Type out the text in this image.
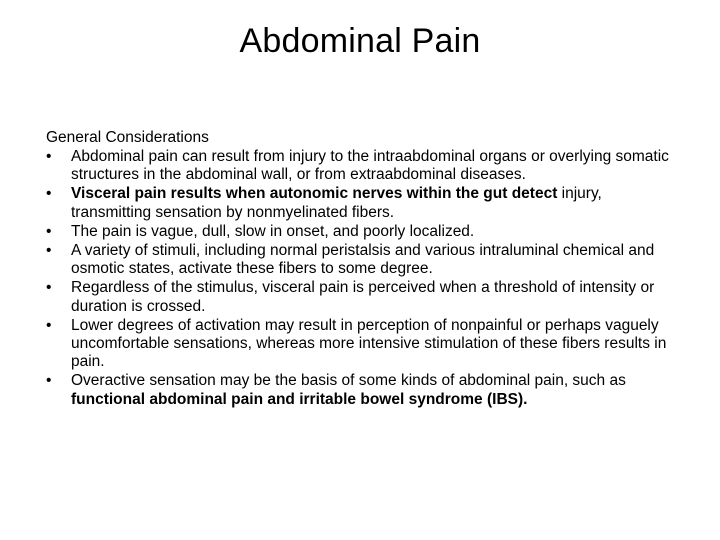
Abdominal Pain

General Considerations

•	Abdominal pain can result from injury to the intraabdominal organs or overlying somatic structures in the abdominal wall, or from extraabdominal diseases.
•	Visceral pain results when autonomic nerves within the gut detect injury, transmitting sensation by nonmyelinated fibers.
•	The pain is vague, dull, slow in onset, and poorly localized.
•	A variety of stimuli, including normal peristalsis and various intraluminal chemical and osmotic states, activate these fibers to some degree.
•	Regardless of the stimulus, visceral pain is perceived when a threshold of intensity or duration is crossed.
•	Lower degrees of activation may result in perception of nonpainful or perhaps vaguely uncomfortable sensations, whereas more intensive stimulation of these fibers results in pain.
•	Overactive sensation may be the basis of some kinds of abdominal pain, such as functional abdominal pain and irritable bowel syndrome (IBS).
